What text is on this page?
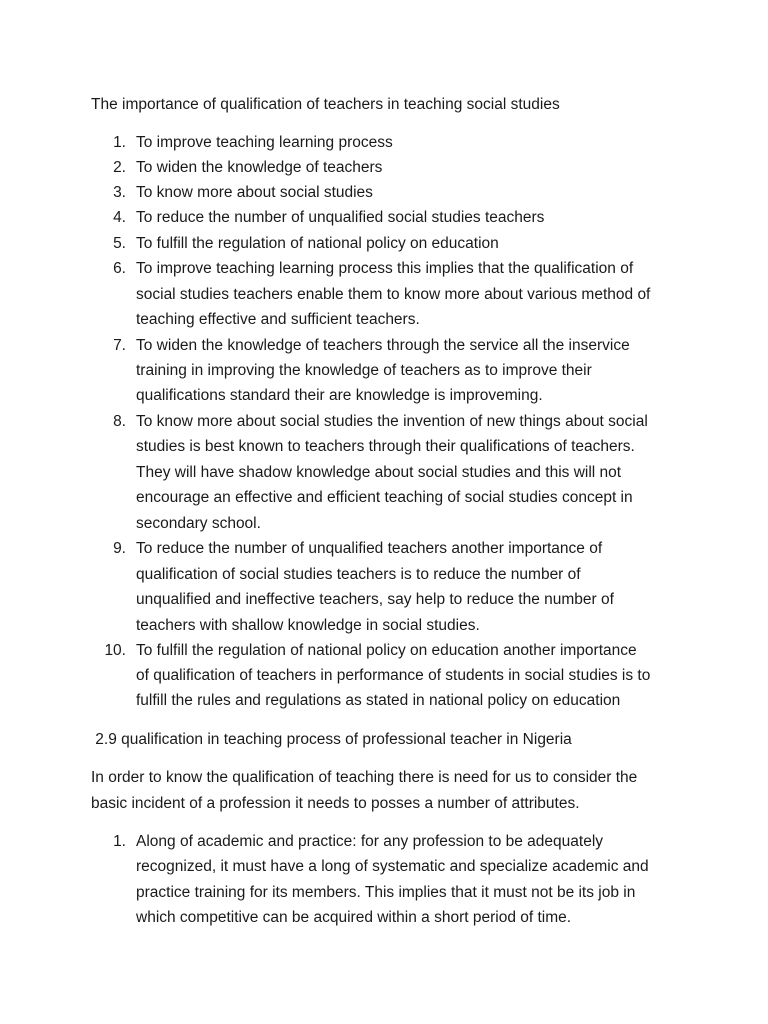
The importance of qualification of teachers in teaching social studies
1. To improve teaching learning process
2. To widen the knowledge of teachers
3. To know more about social studies
4. To reduce the number of unqualified social studies teachers
5. To fulfill the regulation of national policy on education
6. To improve teaching learning process this implies that the qualification of
social studies teachers enable them to know more about various method of
teaching effective and sufficient teachers.
7. To widen the knowledge of teachers through the service all the inservice
training in improving the knowledge of teachers as to improve their
qualifications standard their are knowledge is improveming.
8. To know more about social studies the invention of new things about social
studies is best known to teachers through their qualifications of teachers.
They will have shadow knowledge about social studies and this will not
encourage an effective and efficient teaching of social studies concept in
secondary school.
9. To reduce the number of unqualified teachers another importance of
qualification of social studies teachers is to reduce the number of
unqualified and ineffective teachers, say help to reduce the number of
teachers with shallow knowledge in social studies.
10. To fulfill the regulation of national policy on education another importance
of qualification of teachers in performance of students in social studies is to
fulfill the rules and regulations as stated in national policy on education
2.9 qualification in teaching process of professional teacher in Nigeria
In order to know the qualification of teaching there is need for us to consider the
basic incident of a profession it needs to posses a number of attributes.
1. Along of academic and practice: for any profession to be adequately
recognized, it must have a long of systematic and specialize academic and
practice training for its members. This implies that it must not be its job in
which competitive can be acquired within a short period of time.
